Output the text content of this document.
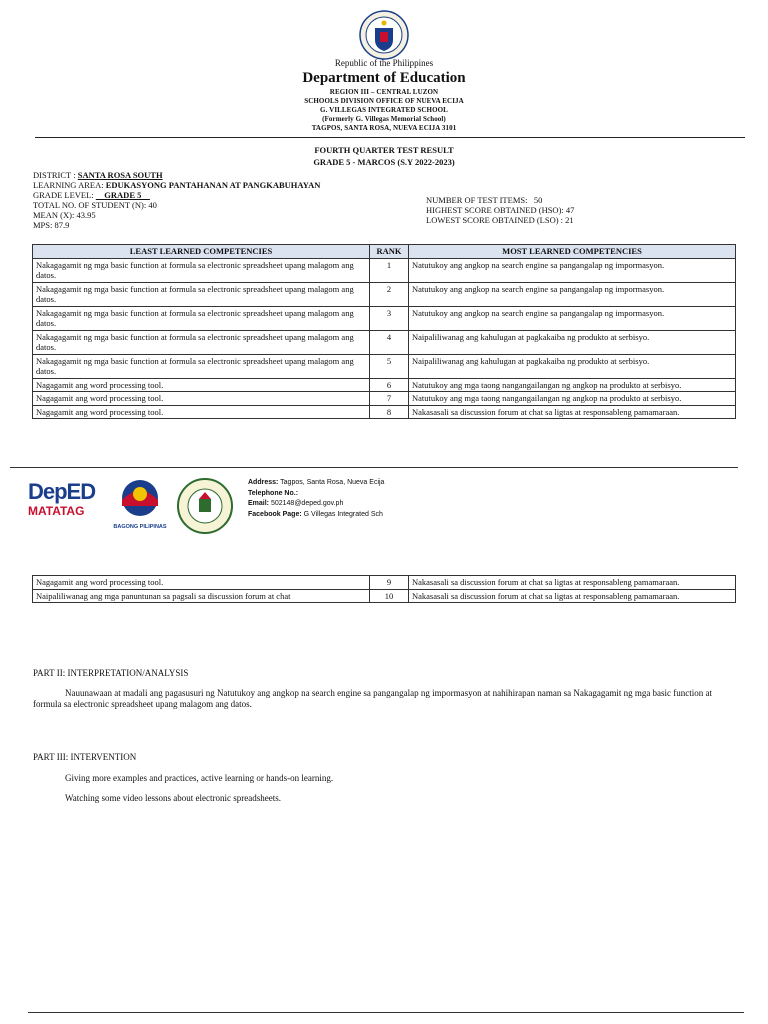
Republic of the Philippines
Department of Education
REGION III – CENTRAL LUZON
SCHOOLS DIVISION OFFICE OF NUEVA ECIJA
G. VILLEGAS INTEGRATED SCHOOL
(Formerly G. Villegas Memorial School)
TAGPOS, SANTA ROSA, NUEVA ECIJA 3101
FOURTH QUARTER TEST RESULT
GRADE 5 - MARCOS (S.Y 2022-2023)
DISTRICT : SANTA ROSA SOUTH
LEARNING AREA: EDUKASYONG PANTAHANAN AT PANGKABUHAYAN
GRADE LEVEL:     GRADE 5
TOTAL NO. OF STUDENT (N): 40
MEAN (X): 43.95
MPS: 87.9
NUMBER OF TEST ITEMS:   50
HIGHEST SCORE OBTAINED (HSO): 47
LOWEST SCORE OBTAINED (LSO) : 21
LEAST LEARNED COMPETENCIES	RANK	MOST LEARNED COMPETENCIES
Nakagagamit ng mga basic function at formula sa electronic spreadsheet upang malagom ang datos.	1	Natutukoy ang angkop na search engine sa pangangalap ng impormasyon.
Nakagagamit ng mga basic function at formula sa electronic spreadsheet upang malagom ang datos.	2	Natutukoy ang angkop na search engine sa pangangalap ng impormasyon.
Nakagagamit ng mga basic function at formula sa electronic spreadsheet upang malagom ang datos.	3	Natutukoy ang angkop na search engine sa pangangalap ng impormasyon.
Nakagagamit ng mga basic function at formula sa electronic spreadsheet upang malagom ang datos.	4	Naipaliliwanag ang kahulugan at pagkakaiba ng produkto at serbisyo.
Nakagagamit ng mga basic function at formula sa electronic spreadsheet upang malagom ang datos.	5	Naipaliliwanag ang kahulugan at pagkakaiba ng produkto at serbisyo.
Nagagamit ang word processing tool.	6	Natutukoy ang mga taong nangangailangan ng angkop na produkto at serbisyo.
Nagagamit ang word processing tool.	7	Natutukoy ang mga taong nangangailangan ng angkop na produkto at serbisyo.
Nagagamit ang word processing tool.	8	Nakasasali sa discussion forum at chat sa ligtas at responsableng pamamaraan.
DepED
MATATAG
BAGONG PILIPINAS
Address: Tagpos, Santa Rosa, Nueva Ecija
Telephone No.:
Email: 502148@deped.gov.ph
Facebook Page: G Villegas Integrated Sch
Nagagamit ang word processing tool.	9	Nakasasali sa discussion forum at chat sa ligtas at responsableng pamamaraan.
Naipaliliwanag ang mga panuntunan sa pagsali sa discussion forum at chat	10	Nakasasali sa discussion forum at chat sa ligtas at responsableng pamamaraan.
PART II: INTERPRETATION/ANALYSIS
Nauunawaan at madali ang pagasusuri ng Natutukoy ang angkop na search engine sa pangangalap ng impormasyon at nahihirapan naman sa Nakagagamit ng mga basic function at formula sa electronic spreadsheet upang malagom ang datos.
PART III: INTERVENTION
Giving more examples and practices, active learning or hands-on learning.
Watching some video lessons about electronic spreadsheets.
